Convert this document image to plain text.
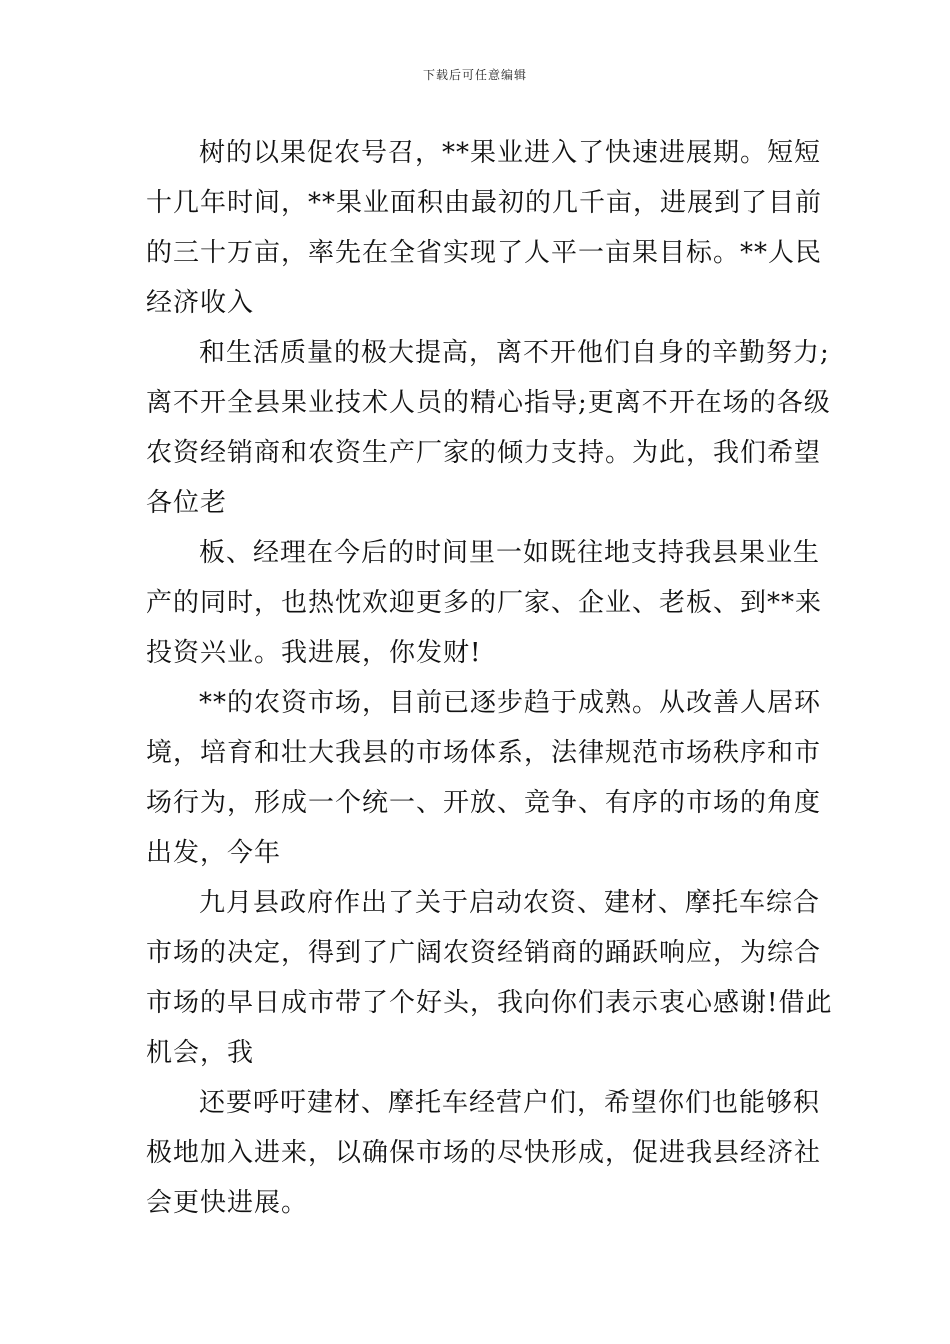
下载后可任意编辑
树的以果促农号召，**果业进入了快速进展期。短短
十几年时间，**果业面积由最初的几千亩，进展到了目前
的三十万亩，率先在全省实现了人平一亩果目标。**人民
经济收入
和生活质量的极大提高，离不开他们自身的辛勤努力;
离不开全县果业技术人员的精心指导;更离不开在场的各级
农资经销商和农资生产厂家的倾力支持。为此，我们希望
各位老
板、经理在今后的时间里一如既往地支持我县果业生
产的同时，也热忱欢迎更多的厂家、企业、老板、到**来
投资兴业。我进展，你发财!
**的农资市场，目前已逐步趋于成熟。从改善人居环
境，培育和壮大我县的市场体系，法律规范市场秩序和市
场行为，形成一个统一、开放、竞争、有序的市场的角度
出发，今年
九月县政府作出了关于启动农资、建材、摩托车综合
市场的决定，得到了广阔农资经销商的踊跃响应，为综合
市场的早日成市带了个好头，我向你们表示衷心感谢!借此
机会，我
还要呼吁建材、摩托车经营户们，希望你们也能够积
极地加入进来，以确保市场的尽快形成，促进我县经济社
会更快进展。
